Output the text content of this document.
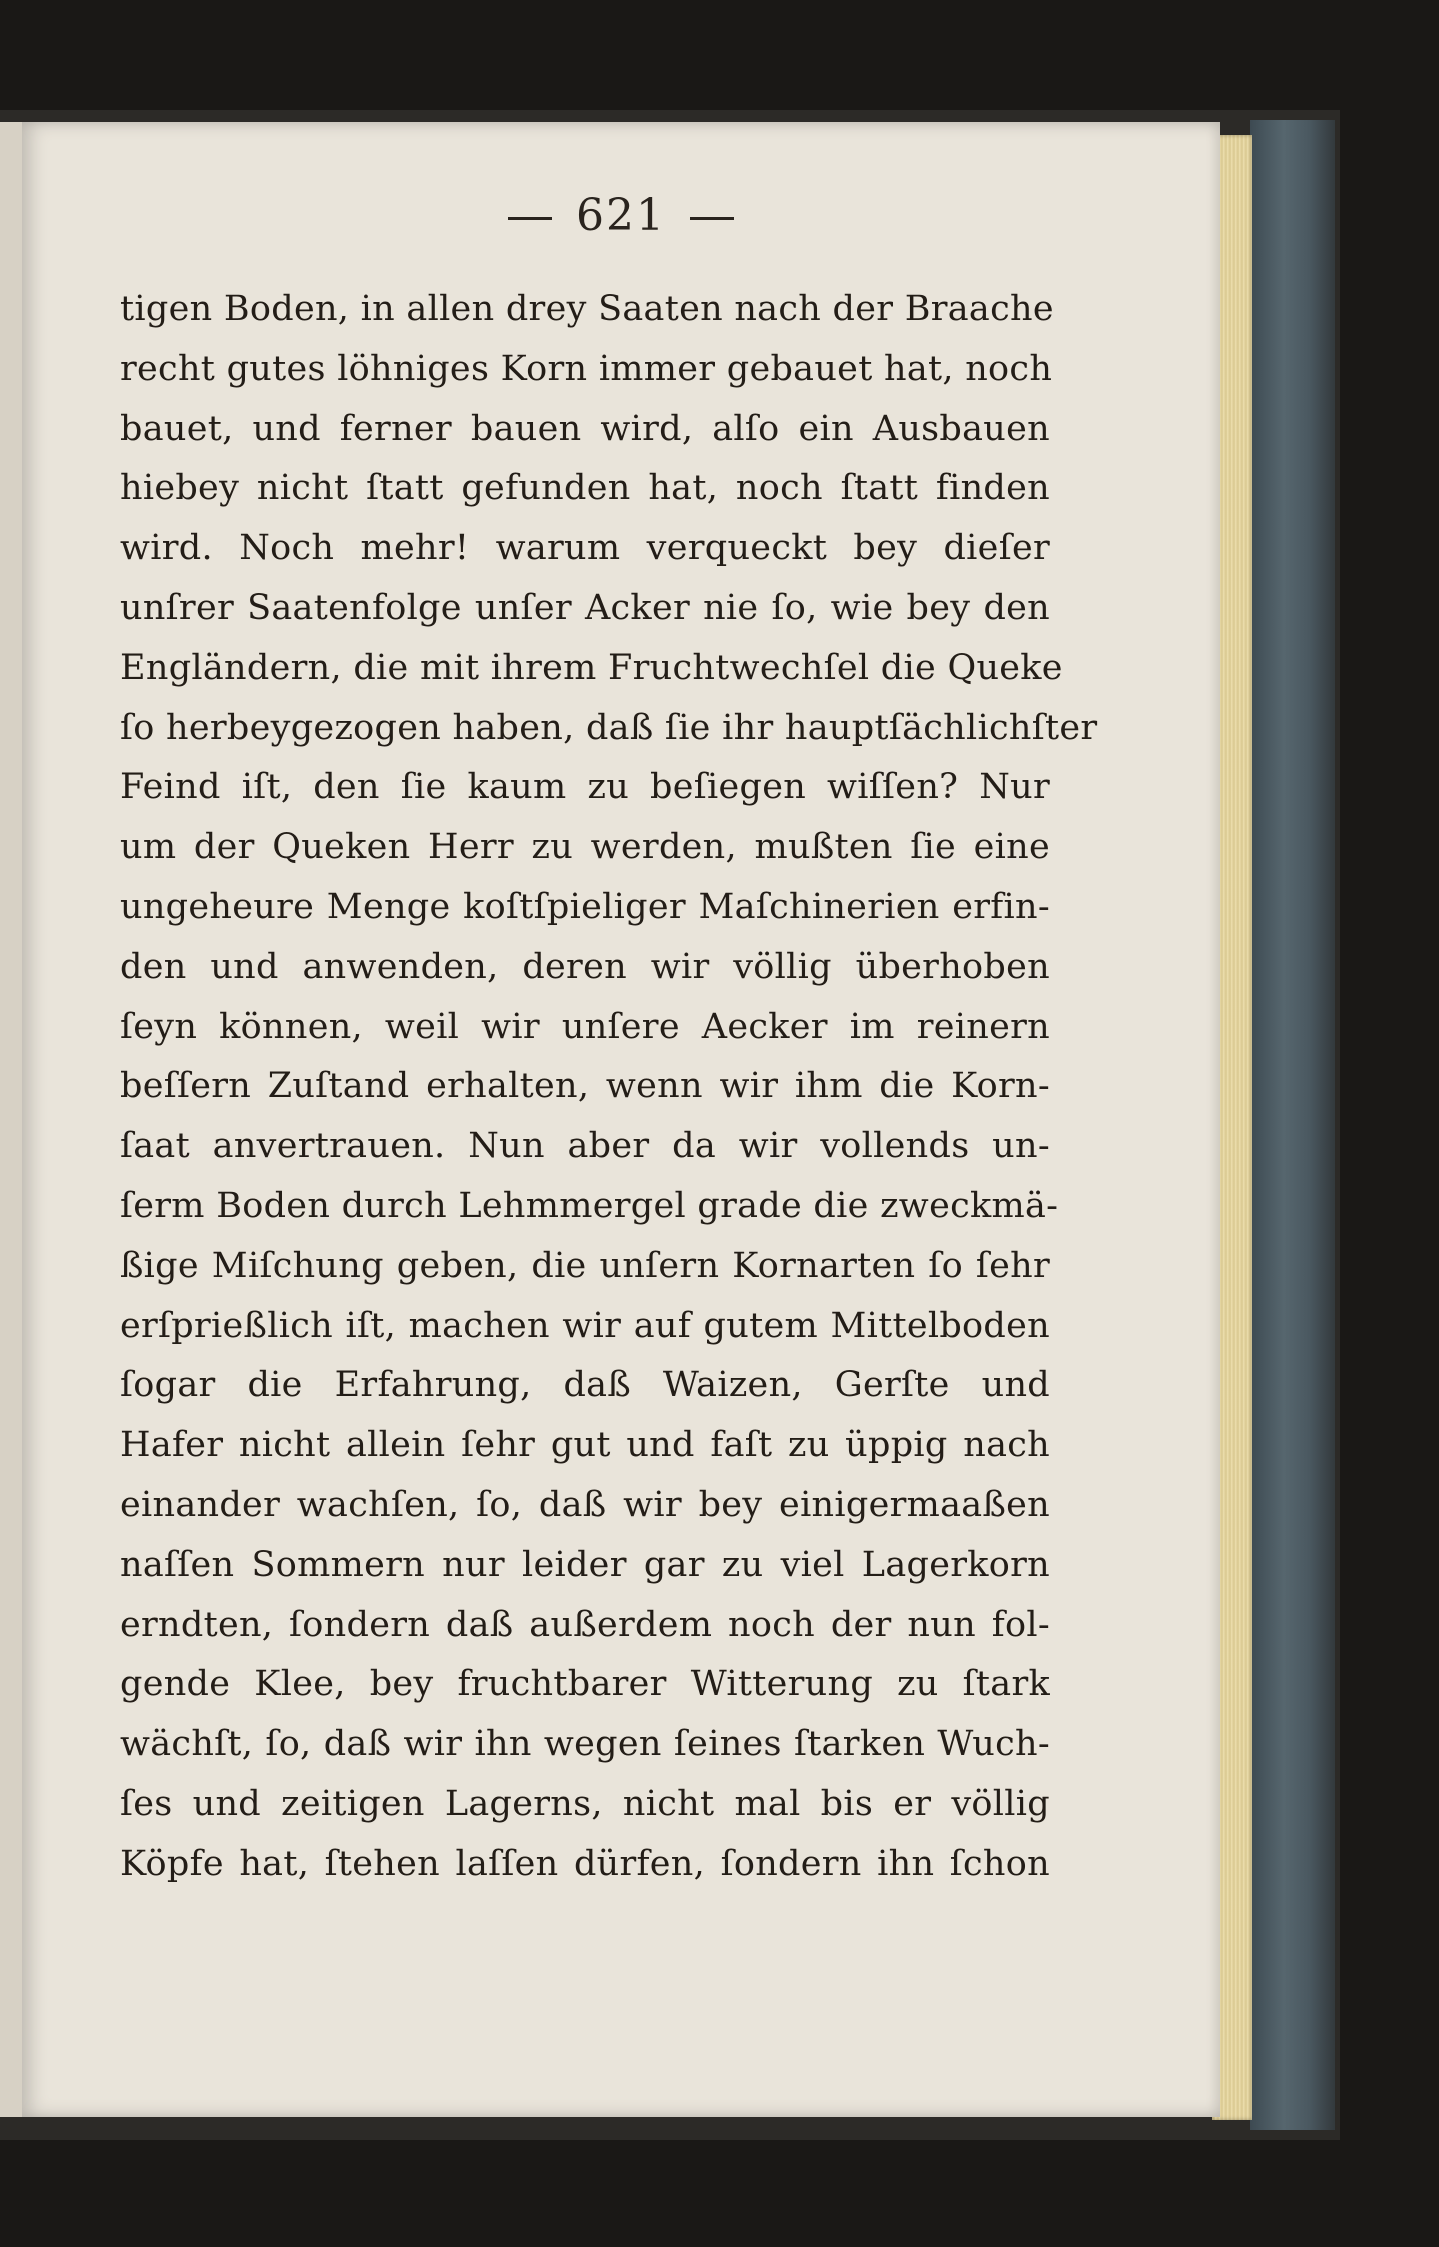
621
tigen Boden, in allen drey Saaten nach der Braache
recht gutes löhniges Korn immer gebauet hat, noch
bauet, und ferner bauen wird, alſo ein Ausbauen
hiebey nicht ſtatt gefunden hat, noch ſtatt finden
wird. Noch mehr! warum verqueckt bey dieſer
unſrer Saatenfolge unſer Acker nie ſo, wie bey den
Engländern, die mit ihrem Fruchtwechſel die Queke
ſo herbeygezogen haben, daß ſie ihr hauptſächlichſter
Feind iſt, den ſie kaum zu beſiegen wiſſen? Nur
um der Queken Herr zu werden, mußten ſie eine
ungeheure Menge koſtſpieliger Maſchinerien erfin-
den und anwenden, deren wir völlig überhoben
ſeyn können, weil wir unſere Aecker im reinern
beſſern Zuſtand erhalten, wenn wir ihm die Korn-
ſaat anvertrauen. Nun aber da wir vollends un-
ſerm Boden durch Lehmmergel grade die zweckmä-
ßige Miſchung geben, die unſern Kornarten ſo ſehr
erſprießlich iſt, machen wir auf gutem Mittelboden
ſogar die Erfahrung, daß Waizen, Gerſte und
Hafer nicht allein ſehr gut und faſt zu üppig nach
einander wachſen, ſo, daß wir bey einigermaaßen
naſſen Sommern nur leider gar zu viel Lagerkorn
erndten, ſondern daß außerdem noch der nun fol-
gende Klee, bey fruchtbarer Witterung zu ſtark
wächſt, ſo, daß wir ihn wegen ſeines ſtarken Wuch-
ſes und zeitigen Lagerns, nicht mal bis er völlig
Köpfe hat, ſtehen laſſen dürfen, ſondern ihn ſchon
